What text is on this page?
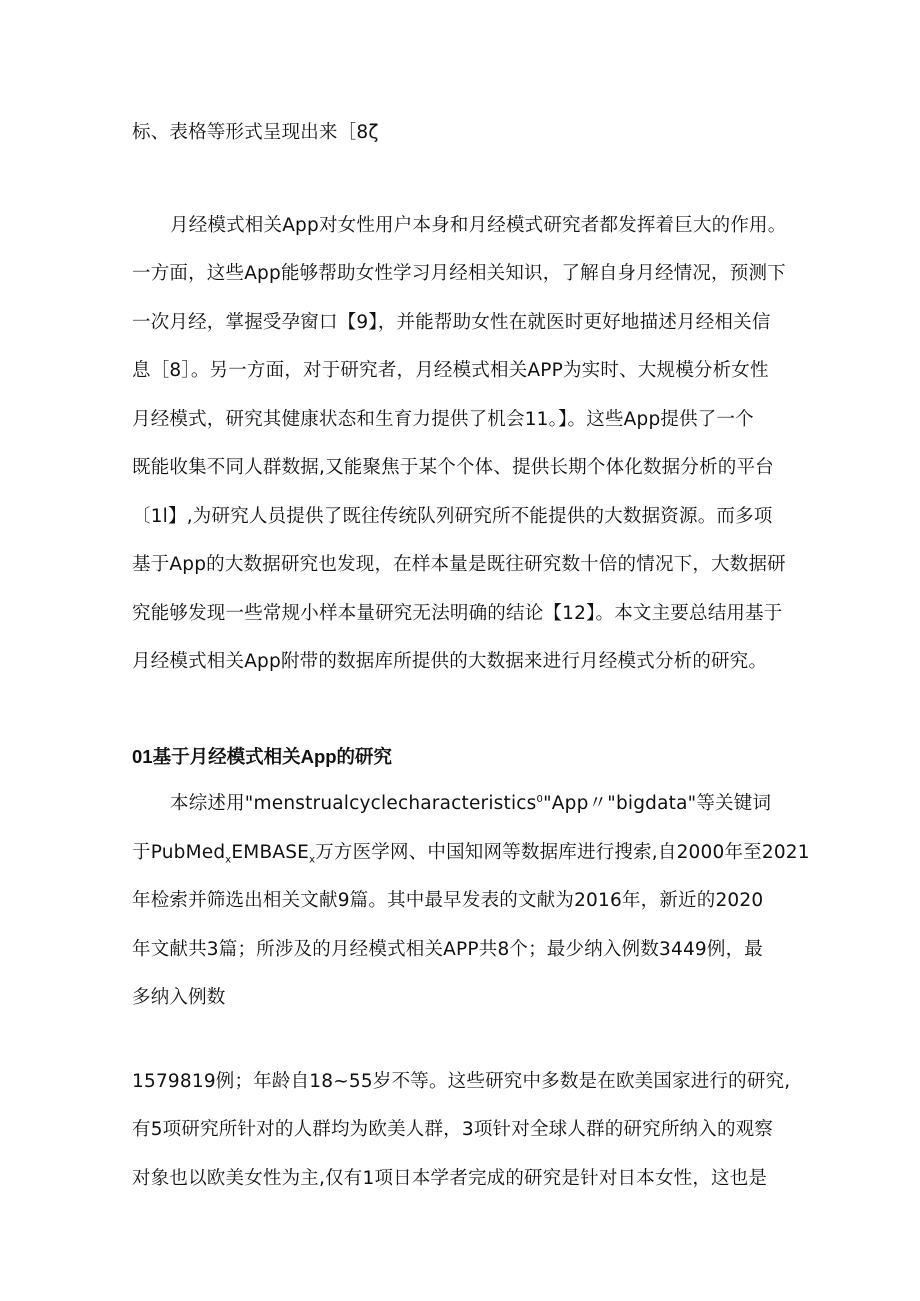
标、表格等形式呈现出来［8ζ
月经模式相关App对女性用户本身和月经模式研究者都发挥着巨大的作用。
一方面，这些App能够帮助女性学习月经相关知识，了解自身月经情况，预测下
一次月经，掌握受孕窗口【9】，并能帮助女性在就医时更好地描述月经相关信
息［8］。另一方面，对于研究者，月经模式相关APP为实时、大规模分析女性
月经模式，研究其健康状态和生育力提供了机会11。】。这些App提供了一个
既能收集不同人群数据,又能聚焦于某个个体、提供长期个体化数据分析的平台
〔1l】,为研究人员提供了既往传统队列研究所不能提供的大数据资源。而多项
基于App的大数据研究也发现，在样本量是既往研究数十倍的情况下，大数据研
究能够发现一些常规小样本量研究无法明确的结论【12】。本文主要总结用基于
月经模式相关App附带的数据库所提供的大数据来进行月经模式分析的研究。
01基于月经模式相关App的研究
本综述用"menstrualcyclecharacteristics$^0$"App〃"bigdata"等关键词
于$PubMed_xEMBASE_x$万方医学网、中国知网等数据库进行搜索,自2000年至2021
年检索并筛选出相关文献9篇。其中最早发表的文献为2016年，新近的2020
年文献共3篇；所涉及的月经模式相关APP共8个；最少纳入例数3449例，最
多纳入例数
1579819例；年龄自18~55岁不等。这些研究中多数是在欧美国家进行的研究,
有5项研究所针对的人群均为欧美人群，3项针对全球人群的研究所纳入的观察
对象也以欧美女性为主,仅有1项日本学者完成的研究是针对日本女性，这也是
